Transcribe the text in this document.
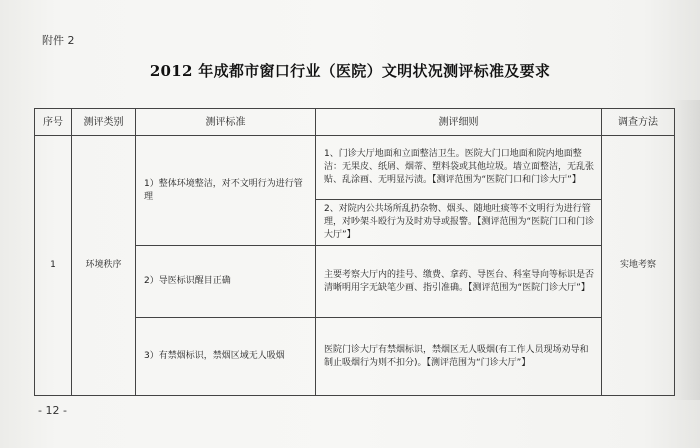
附件 2
2012 年成都市窗口行业（医院）文明状况测评标准及要求
序号	测评类别	测评标准	测评细则	调查方法
1	环境秩序	1）整体环境整洁，对不文明行为进行管理	1、门诊大厅地面和立面整洁卫生。医院大门口地面和院内地面整洁：无果皮、纸屑、烟蒂、塑料袋或其他垃圾。墙立面整洁，无乱张贴、乱涂画、无明显污渍。【测评范围为“医院门口和门诊大厅”】	实地考察
			2、对院内公共场所乱扔杂物、烟头、随地吐痰等不文明行为进行管理，对吵架斗殴行为及时劝导或报警。【测评范围为“医院门口和门诊大厅”】	
		2）导医标识醒目正确	主要考察大厅内的挂号、缴费、拿药、导医台、科室导向等标识是否清晰明用字无缺笔少画、指引准确。【测评范围为“医院门诊大厅”】	
		3）有禁烟标识，禁烟区域无人吸烟	医院门诊大厅有禁烟标识，禁烟区无人吸烟(有工作人员现场劝导和制止吸烟行为则不扣分)。【测评范围为“门诊大厅”】	
- 12 -
